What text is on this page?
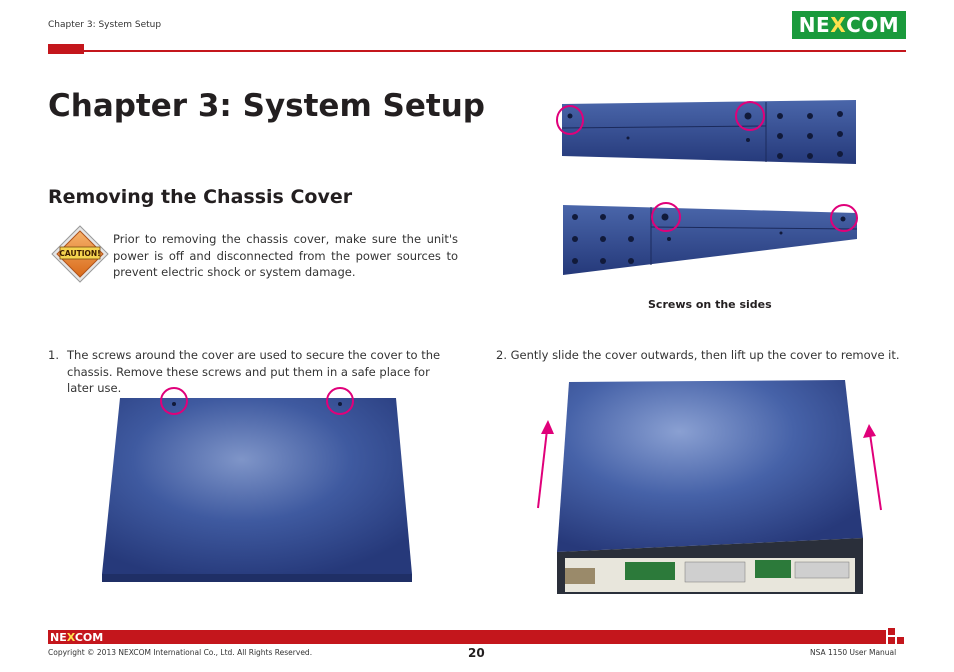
Chapter 3: System Setup	NE X COM
Chapter 3: System Setup
Removing the Chassis Cover
CAUTION!
Prior to removing the chassis cover, make sure the unit's power is off and disconnected from the power sources to prevent electric shock or system damage.
Screws on the sides
1. The screws around the cover are used to secure the cover to the chassis. Remove these screws and put them in a safe place for later use.
2. Gently slide the cover outwards, then lift up the cover to remove it.
NEXCOM
Copyright © 2013 NEXCOM International Co., Ltd. All Rights Reserved.	20	NSA 1150 User Manual
